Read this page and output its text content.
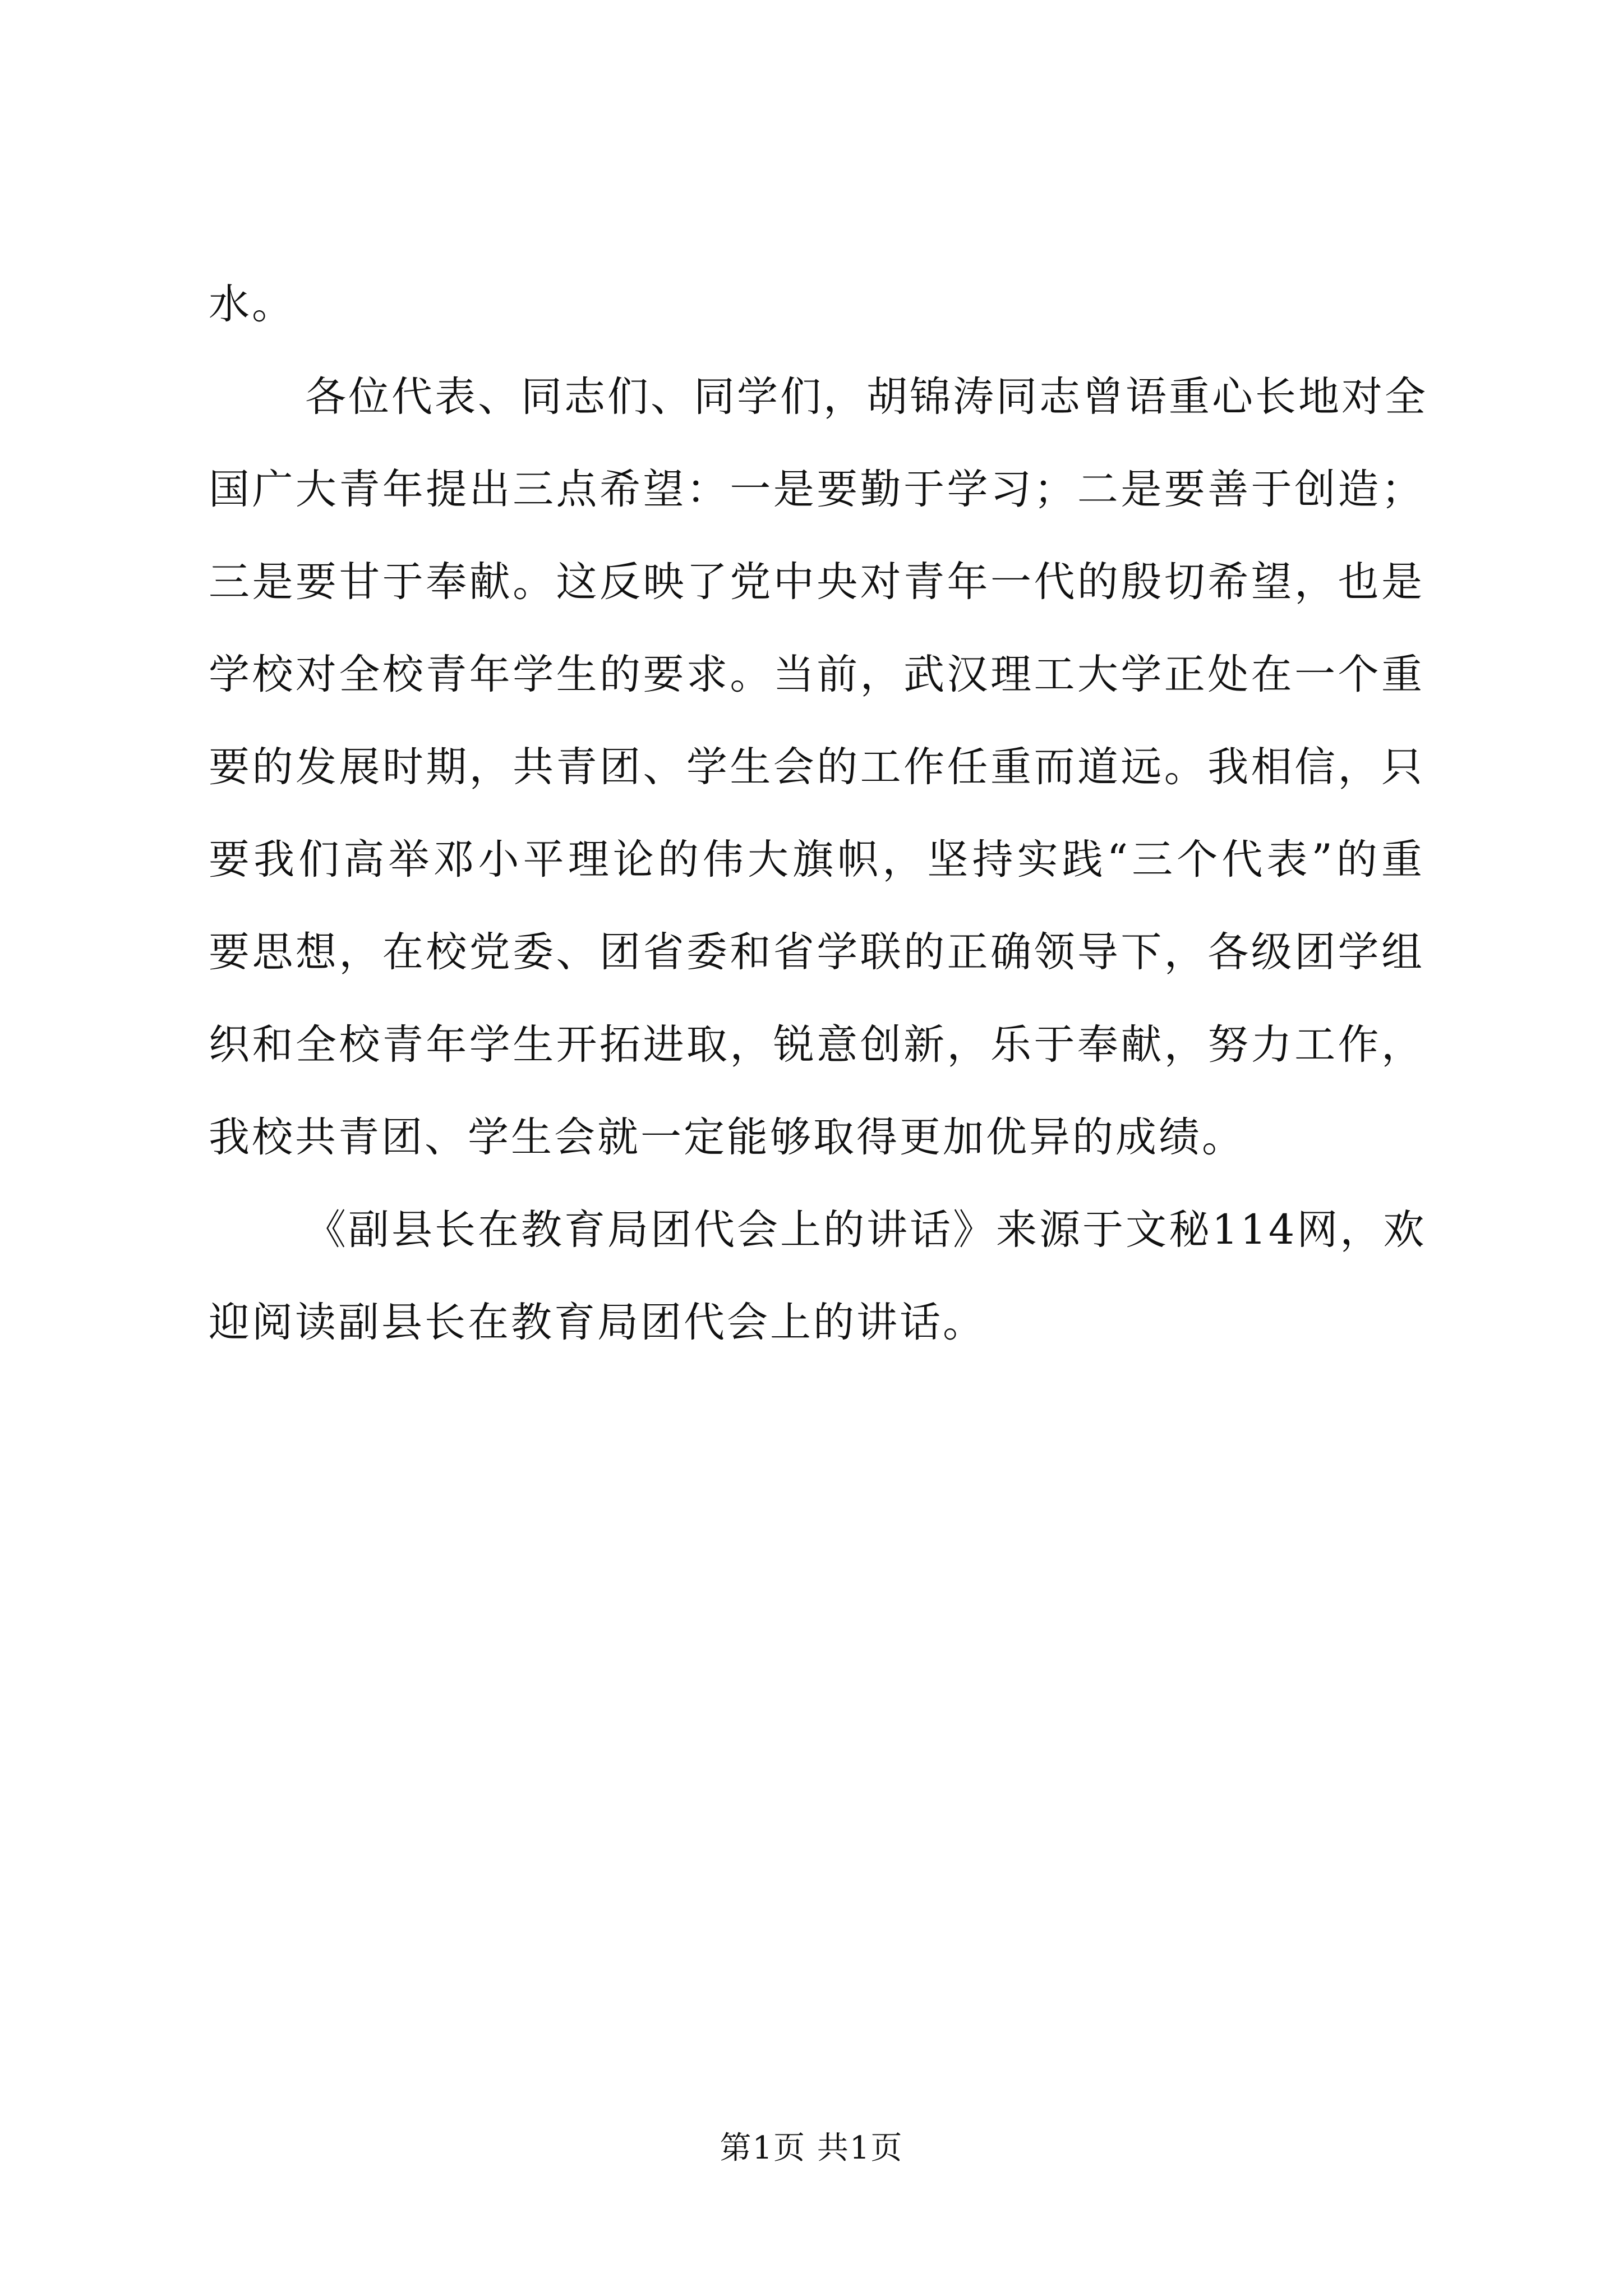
水。
各位代表、同志们、同学们，胡锦涛同志曾语重心长地对全
国广大青年提出三点希望：一是要勤于学习；二是要善于创造；
三是要甘于奉献。这反映了党中央对青年一代的殷切希望，也是
学校对全校青年学生的要求。当前，武汉理工大学正处在一个重
要的发展时期，共青团、学生会的工作任重而道远。我相信，只
要我们高举邓小平理论的伟大旗帜，坚持实践“三个代表”的重
要思想，在校党委、团省委和省学联的正确领导下，各级团学组
织和全校青年学生开拓进取，锐意创新，乐于奉献，努力工作，
我校共青团、学生会就一定能够取得更加优异的成绩。
《副县长在教育局团代会上的讲话》来源于文秘114网，欢
迎阅读副县长在教育局团代会上的讲话。
第1页 共1页
